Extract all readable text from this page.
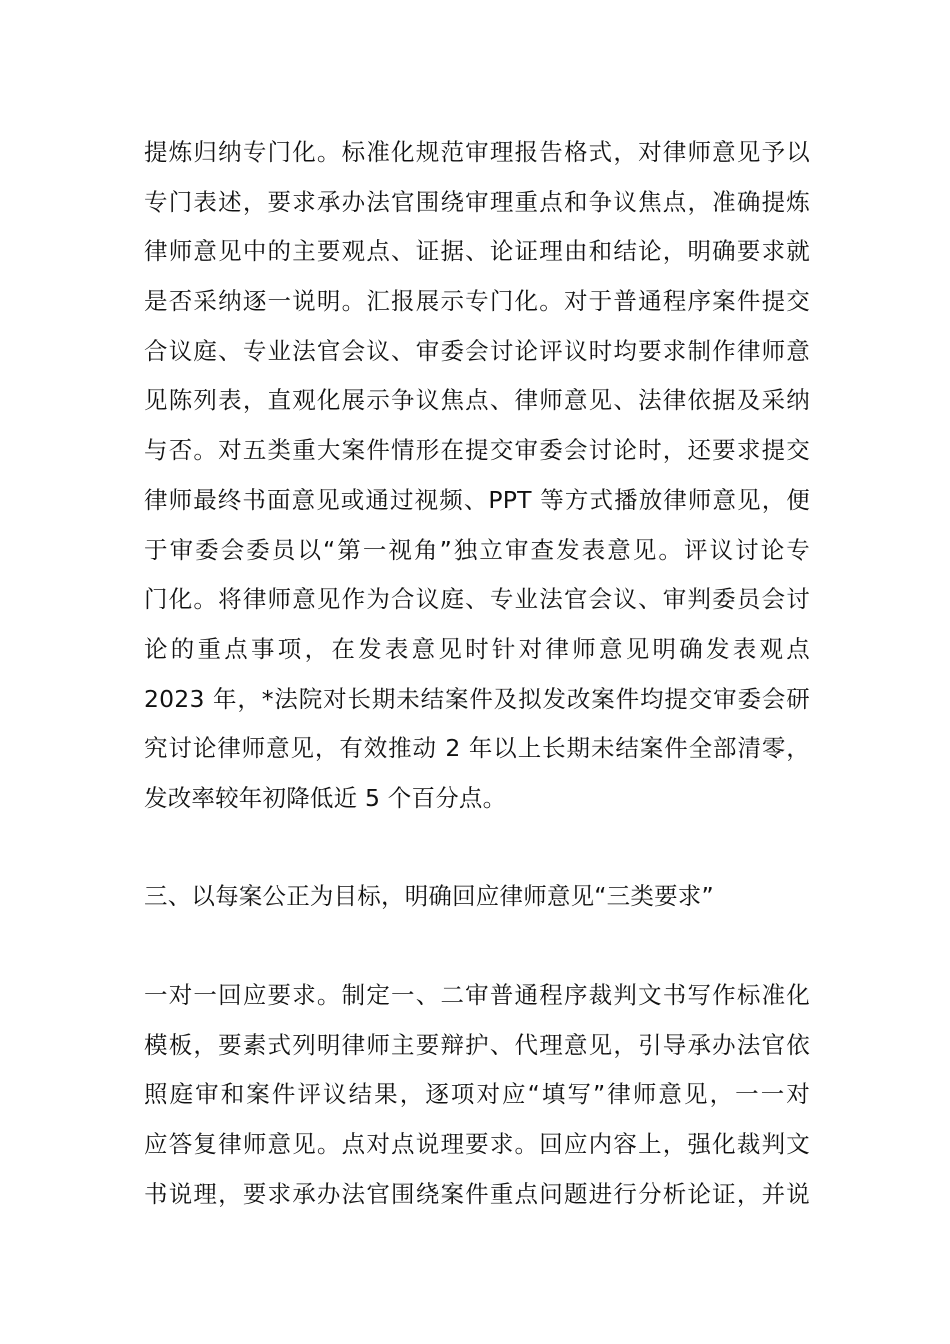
提炼归纳专门化。标准化规范审理报告格式，对律师意见予以
专门表述，要求承办法官围绕审理重点和争议焦点，准确提炼
律师意见中的主要观点、证据、论证理由和结论，明确要求就
是否采纳逐一说明。汇报展示专门化。对于普通程序案件提交
合议庭、专业法官会议、审委会讨论评议时均要求制作律师意
见陈列表，直观化展示争议焦点、律师意见、法律依据及采纳
与否。对五类重大案件情形在提交审委会讨论时，还要求提交
律师最终书面意见或通过视频、PPT 等方式播放律师意见，便
于审委会委员以“第一视角”独立审查发表意见。评议讨论专
门化。将律师意见作为合议庭、专业法官会议、审判委员会讨
论的重点事项，在发表意见时针对律师意见明确发表观点
2023 年，*法院对长期未结案件及拟发改案件均提交审委会研
究讨论律师意见，有效推动 2 年以上长期未结案件全部清零，
发改率较年初降低近 5 个百分点。
三、以每案公正为目标，明确回应律师意见“三类要求”
一对一回应要求。制定一、二审普通程序裁判文书写作标准化
模板，要素式列明律师主要辩护、代理意见，引导承办法官依
照庭审和案件评议结果，逐项对应“填写”律师意见，一一对
应答复律师意见。点对点说理要求。回应内容上，强化裁判文
书说理，要求承办法官围绕案件重点问题进行分析论证，并说
